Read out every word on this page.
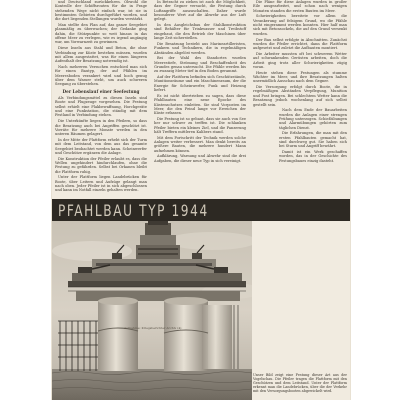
und Deutschland zurückkehren. Obwohl die Kontrolle der Schiffsrouten für die in Frage stehenden Wege nicht einfach war, ist sie in bestimmten Gebieten durchgeführt worden, und die dort liegenden Stellungen wurden verstärkt.

Man stellte den Plan auf, das ganze Seegebiet planmäßig zu überwachen; der Gedanke ging dahin, die Stützpunkte so weit hinaus in das offene Meer zu verlegen, wie es irgend angängig war, um Vorwarnzeit zu gewinnen.

Diese Inseln aus Stahl und Beton, die ohne Verbindung zur Küste bestehen müssen, wurden mit allem ausgestattet, was für einen längeren Aufenthalt der Besatzung notwendig ist.

Nach mehreren Versuchen entschied man sich für einen Bautyp, der auf Pfählen im Meeresboden verankert wird und hoch genug über dem Wasser steht, um auch schweren Seegang zu überstehen.

Der Lebenslauf einer Seefestung

Als Verbindungsmittel zu diesen Inseln sind Boote und Flugzeuge vorgesehen. Die Festung selbst erhielt eine Flakbewaffnung, Horchgeräte und eine Funkstation, die ständig mit dem Festland in Verbindung stehen.

Die Unterkünfte liegen in den Pfeilern, so dass die Besatzung auch bei Angriffen geschützt ist. Vorräte für mehrere Monate werden in den unteren Räumen gelagert.

In der Mitte der Plattform erhebt sich der Turm mit dem Leitstand, von dem aus das gesamte Seegebiet beobachtet werden kann. Scheinwerfer und Geschütze ergänzen die Anlage.

Die Konstruktion der Pfeiler erlaubt es, dass die Wellen ungehindert hindurchlaufen, ohne die Festung zu gefährden. Selbst bei Orkanen bleibt die Plattform ruhig.

Unter der Plattform liegen Landebrücken für Boote, über Leitern und Aufzüge gelangt man nach oben. Jeder Pfeiler ist in sich abgeschlossen und kann im Notfall einzeln gehalten werden.

In Betracht zu ziehen ist auch die Möglichkeit, dass der Gegner versucht, die Festung durch Luftangriffe auszuschalten. Daher wurde besonderer Wert auf die Abwehr aus der Luft gelegt.

In den Ausgleichsbau der Stahlkonstruktion sind Behälter für Trinkwasser und Treibstoff eingebaut, die den Betrieb der Maschinen über lange Zeit sicherstellen.

Die Besatzung besteht aus Marineartilleristen, Funkern und Technikern, die in regelmäßigen Abständen abgelöst werden.

Bei der Wahl des Standortes wurden Meerestiefe, Strömung und Beschaffenheit des Grundes genau untersucht. Die Pfähle werden bis zu zwanzig Meter tief in den Boden gerammt.

Auf der Plattform befinden sich Geschützstände, Munitionsräume und ein Maschinenraum, der die Energie für Scheinwerfer, Funk und Heizung liefert.

Es ist nicht übertrieben zu sagen, dass diese Pfahlbauten eine neue Epoche des Küstenschutzes einleiten. Sie sind Vorposten im Meer, die den Feind lange vor Erreichen der Küste erfassen.

Die Festung ist so gebaut, dass sie auch von See her nur schwer zu treffen ist. Die schlanken Pfeiler bieten ein kleines Ziel, und die Panzerung hält Treffern mittleren Kalibers stand.

Mit dem Fortschritt der Technik werden solche Anlagen weiter verbessert. Man denkt bereits an größere Bauten, die mehrere hundert Mann aufnehmen können.

Aufklärung, Warnung und Abwehr sind die drei Aufgaben, die dieser neue Typ in sich vereinigt.

Die Pläne für diese Anlagen wurden in großer Eile ausgearbeitet, und schon nach wenigen Monaten standen die ersten Bauten im Meer.

Schwierigkeiten bereitete vor allem die Verankerung auf felsigem Grund, wo die Pfähle nicht eingerammt werden konnten. Hier half man sich mit Betonsockeln, die auf den Grund versenkt wurden.

Der Bau selbst erfolgte in Abschnitten. Zunächst wurden die Pfeiler errichtet, dann die Plattform aufgesetzt und zuletzt die Aufbauten montiert.

Die Arbeiter mussten oft bei schwerem Wetter auf schwankenden Gerüsten arbeiten, doch die Arbeit ging trotz aller Schwierigkeiten zügig voran.

Heute stehen diese Festungen als stumme Wächter im Meer, und ihre Besatzungen halten unermüdlich Ausschau nach dem Gegner.

Die Versorgung erfolgt durch Boote, die in regelmäßigen Abständen Verpflegung, Munition und Post bringen. Bei schlechtem Wetter kann die Besatzung jedoch wochenlang auf sich selbst gestellt sein.

Nach dem Ende der Bauarbeiten wurden die Anlagen einer strengen Prüfung unterzogen. Schießübungen und Alarmübungen gehörten zum täglichen Dienst.

Die Erfahrungen, die man mit den ersten Pfahlbauten gemacht hat, sind durchweg gut. Sie haben sich bei Sturm und Angriff bewährt.

Damit ist ein Werk geschaffen worden, das in der Geschichte des Festungsbaues einzig dasteht.

PFAHLBAU TYP 1944
Aufnahme: Kriegsberichter Archiv (4)
Unser Bild zeigt eine Festung dieser Art aus der Vogelschau. Die Pfeiler tragen die Plattform mit den Geschützen und dem Leitstand. Unter der Plattform erkennt man die Landebrücken, über die der Verkehr mit den Versorgungsbooten abgewickelt wird.
